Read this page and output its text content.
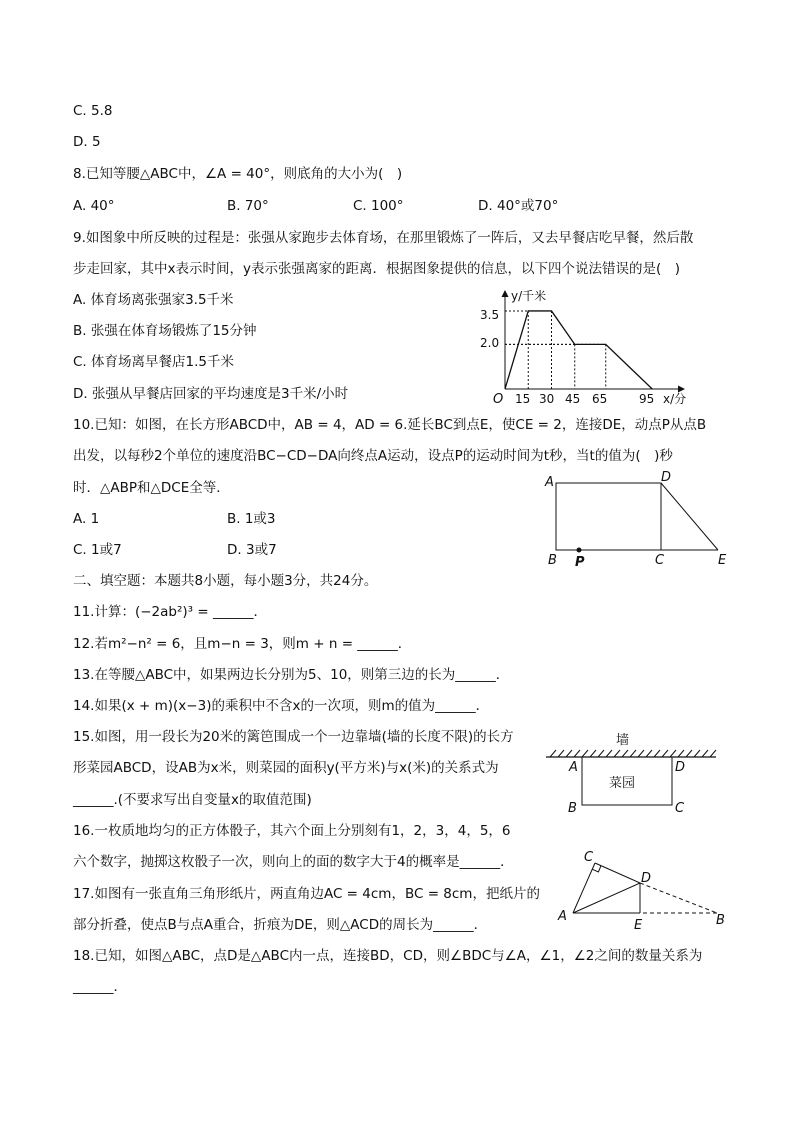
C. 5.8
D. 5
8.已知等腰△ABC中，∠A = 40°，则底角的大小为(　)
A. 40°	B. 70°	C. 100°	D. 40°或70°
9.如图象中所反映的过程是：张强从家跑步去体育场，在那里锻炼了一阵后，又去早餐店吃早餐，然后散
步走回家，其中x表示时间，y表示张强离家的距离．根据图象提供的信息，以下四个说法错误的是(　)
A. 体育场离张强家3.5千米
B. 张强在体育场锻炼了15分钟
C. 体育场离早餐店1.5千米
D. 张强从早餐店回家的平均速度是3千米/小时
y/千米
x/分
O
3.5
2.0
15 30 45 65	95
10.已知：如图，在长方形ABCD中，AB = 4，AD = 6.延长BC到点E，使CE = 2，连接DE，动点P从点B
出发，以每秒2个单位的速度沿BC−CD−DA向终点A运动，设点P的运动时间为t秒，当t的值为(　)秒
时．△ABP和△DCE全等．
A. 1	B. 1或3
C. 1或7	D. 3或7
A	D
B P	C	E
二、填空题：本题共8小题，每小题3分，共24分。
11.计算：(−2ab²)³ = ______．
12.若m²−n² = 6，且m−n = 3，则m + n = ______．
13.在等腰△ABC中，如果两边长分别为5、10，则第三边的长为______．
14.如果(x + m)(x−3)的乘积中不含x的一次项，则m的值为______．
15.如图，用一段长为20米的篱笆围成一个一边靠墙(墙的长度不限)的长方
形菜园ABCD，设AB为x米，则菜园的面积y(平方米)与x(米)的关系式为
______.(不要求写出自变量x的取值范围)
墙
菜园
A	D
B	C
16.一枚质地均匀的正方体骰子，其六个面上分别刻有1，2，3，4，5，6
六个数字，抛掷这枚骰子一次，则向上的面的数字大于4的概率是______．
17.如图有一张直角三角形纸片，两直角边AC = 4cm，BC = 8cm，把纸片的
部分折叠，使点B与点A重合，折痕为DE，则△ACD的周长为______．
C
D
A
E	B
18.已知，如图△ABC，点D是△ABC内一点，连接BD，CD，则∠BDC与∠A，∠1，∠2之间的数量关系为
______．
